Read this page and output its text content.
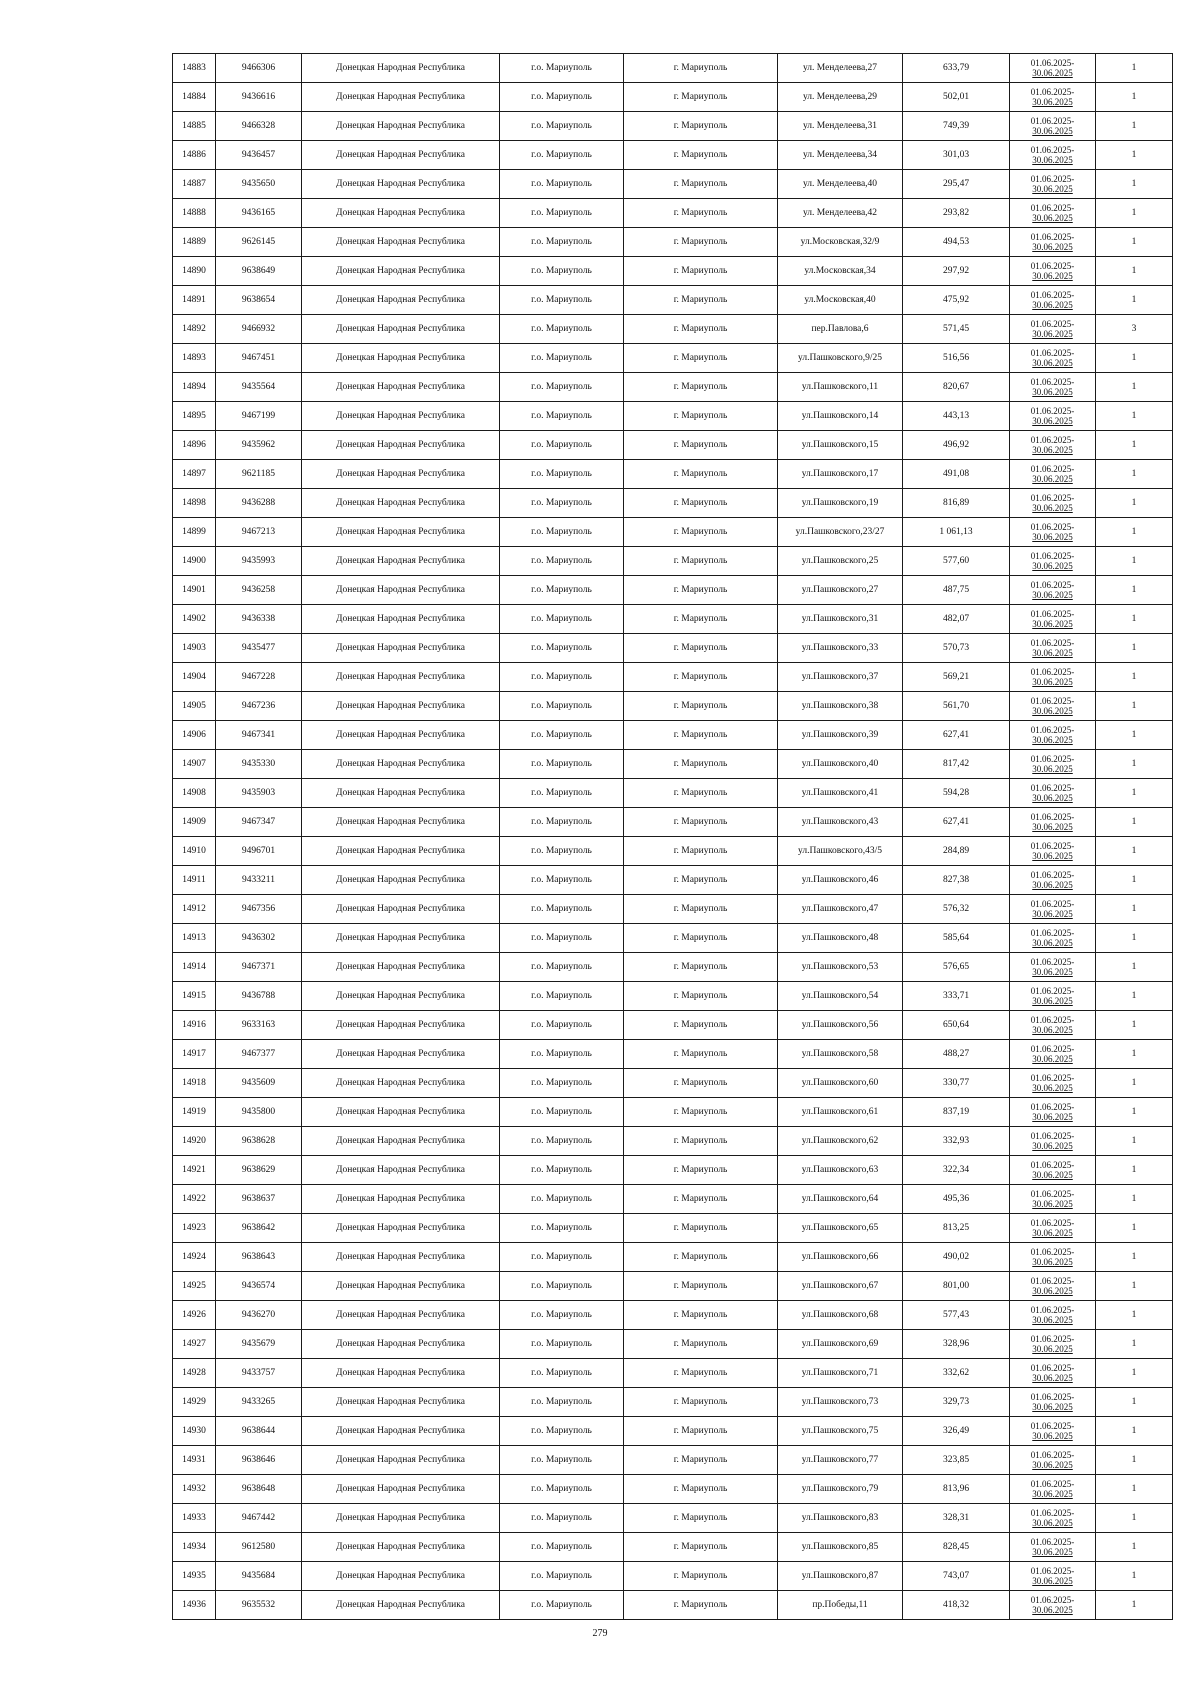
14883	9466306	Донецкая Народная Республика	г.о. Мариуполь	г. Мариуполь	ул. Менделеева,27	633,79	01.06.2025-
30.06.2025	1
14884	9436616	Донецкая Народная Республика	г.о. Мариуполь	г. Мариуполь	ул. Менделеева,29	502,01	01.06.2025-
30.06.2025	1
14885	9466328	Донецкая Народная Республика	г.о. Мариуполь	г. Мариуполь	ул. Менделеева,31	749,39	01.06.2025-
30.06.2025	1
14886	9436457	Донецкая Народная Республика	г.о. Мариуполь	г. Мариуполь	ул. Менделеева,34	301,03	01.06.2025-
30.06.2025	1
14887	9435650	Донецкая Народная Республика	г.о. Мариуполь	г. Мариуполь	ул. Менделеева,40	295,47	01.06.2025-
30.06.2025	1
14888	9436165	Донецкая Народная Республика	г.о. Мариуполь	г. Мариуполь	ул. Менделеева,42	293,82	01.06.2025-
30.06.2025	1
14889	9626145	Донецкая Народная Республика	г.о. Мариуполь	г. Мариуполь	ул.Московская,32/9	494,53	01.06.2025-
30.06.2025	1
14890	9638649	Донецкая Народная Республика	г.о. Мариуполь	г. Мариуполь	ул.Московская,34	297,92	01.06.2025-
30.06.2025	1
14891	9638654	Донецкая Народная Республика	г.о. Мариуполь	г. Мариуполь	ул.Московская,40	475,92	01.06.2025-
30.06.2025	1
14892	9466932	Донецкая Народная Республика	г.о. Мариуполь	г. Мариуполь	пер.Павлова,6	571,45	01.06.2025-
30.06.2025	3
14893	9467451	Донецкая Народная Республика	г.о. Мариуполь	г. Мариуполь	ул.Пашковского,9/25	516,56	01.06.2025-
30.06.2025	1
14894	9435564	Донецкая Народная Республика	г.о. Мариуполь	г. Мариуполь	ул.Пашковского,11	820,67	01.06.2025-
30.06.2025	1
14895	9467199	Донецкая Народная Республика	г.о. Мариуполь	г. Мариуполь	ул.Пашковского,14	443,13	01.06.2025-
30.06.2025	1
14896	9435962	Донецкая Народная Республика	г.о. Мариуполь	г. Мариуполь	ул.Пашковского,15	496,92	01.06.2025-
30.06.2025	1
14897	9621185	Донецкая Народная Республика	г.о. Мариуполь	г. Мариуполь	ул.Пашковского,17	491,08	01.06.2025-
30.06.2025	1
14898	9436288	Донецкая Народная Республика	г.о. Мариуполь	г. Мариуполь	ул.Пашковского,19	816,89	01.06.2025-
30.06.2025	1
14899	9467213	Донецкая Народная Республика	г.о. Мариуполь	г. Мариуполь	ул.Пашковского,23/27	1 061,13	01.06.2025-
30.06.2025	1
14900	9435993	Донецкая Народная Республика	г.о. Мариуполь	г. Мариуполь	ул.Пашковского,25	577,60	01.06.2025-
30.06.2025	1
14901	9436258	Донецкая Народная Республика	г.о. Мариуполь	г. Мариуполь	ул.Пашковского,27	487,75	01.06.2025-
30.06.2025	1
14902	9436338	Донецкая Народная Республика	г.о. Мариуполь	г. Мариуполь	ул.Пашковского,31	482,07	01.06.2025-
30.06.2025	1
14903	9435477	Донецкая Народная Республика	г.о. Мариуполь	г. Мариуполь	ул.Пашковского,33	570,73	01.06.2025-
30.06.2025	1
14904	9467228	Донецкая Народная Республика	г.о. Мариуполь	г. Мариуполь	ул.Пашковского,37	569,21	01.06.2025-
30.06.2025	1
14905	9467236	Донецкая Народная Республика	г.о. Мариуполь	г. Мариуполь	ул.Пашковского,38	561,70	01.06.2025-
30.06.2025	1
14906	9467341	Донецкая Народная Республика	г.о. Мариуполь	г. Мариуполь	ул.Пашковского,39	627,41	01.06.2025-
30.06.2025	1
14907	9435330	Донецкая Народная Республика	г.о. Мариуполь	г. Мариуполь	ул.Пашковского,40	817,42	01.06.2025-
30.06.2025	1
14908	9435903	Донецкая Народная Республика	г.о. Мариуполь	г. Мариуполь	ул.Пашковского,41	594,28	01.06.2025-
30.06.2025	1
14909	9467347	Донецкая Народная Республика	г.о. Мариуполь	г. Мариуполь	ул.Пашковского,43	627,41	01.06.2025-
30.06.2025	1
14910	9496701	Донецкая Народная Республика	г.о. Мариуполь	г. Мариуполь	ул.Пашковского,43/5	284,89	01.06.2025-
30.06.2025	1
14911	9433211	Донецкая Народная Республика	г.о. Мариуполь	г. Мариуполь	ул.Пашковского,46	827,38	01.06.2025-
30.06.2025	1
14912	9467356	Донецкая Народная Республика	г.о. Мариуполь	г. Мариуполь	ул.Пашковского,47	576,32	01.06.2025-
30.06.2025	1
14913	9436302	Донецкая Народная Республика	г.о. Мариуполь	г. Мариуполь	ул.Пашковского,48	585,64	01.06.2025-
30.06.2025	1
14914	9467371	Донецкая Народная Республика	г.о. Мариуполь	г. Мариуполь	ул.Пашковского,53	576,65	01.06.2025-
30.06.2025	1
14915	9436788	Донецкая Народная Республика	г.о. Мариуполь	г. Мариуполь	ул.Пашковского,54	333,71	01.06.2025-
30.06.2025	1
14916	9633163	Донецкая Народная Республика	г.о. Мариуполь	г. Мариуполь	ул.Пашковского,56	650,64	01.06.2025-
30.06.2025	1
14917	9467377	Донецкая Народная Республика	г.о. Мариуполь	г. Мариуполь	ул.Пашковского,58	488,27	01.06.2025-
30.06.2025	1
14918	9435609	Донецкая Народная Республика	г.о. Мариуполь	г. Мариуполь	ул.Пашковского,60	330,77	01.06.2025-
30.06.2025	1
14919	9435800	Донецкая Народная Республика	г.о. Мариуполь	г. Мариуполь	ул.Пашковского,61	837,19	01.06.2025-
30.06.2025	1
14920	9638628	Донецкая Народная Республика	г.о. Мариуполь	г. Мариуполь	ул.Пашковского,62	332,93	01.06.2025-
30.06.2025	1
14921	9638629	Донецкая Народная Республика	г.о. Мариуполь	г. Мариуполь	ул.Пашковского,63	322,34	01.06.2025-
30.06.2025	1
14922	9638637	Донецкая Народная Республика	г.о. Мариуполь	г. Мариуполь	ул.Пашковского,64	495,36	01.06.2025-
30.06.2025	1
14923	9638642	Донецкая Народная Республика	г.о. Мариуполь	г. Мариуполь	ул.Пашковского,65	813,25	01.06.2025-
30.06.2025	1
14924	9638643	Донецкая Народная Республика	г.о. Мариуполь	г. Мариуполь	ул.Пашковского,66	490,02	01.06.2025-
30.06.2025	1
14925	9436574	Донецкая Народная Республика	г.о. Мариуполь	г. Мариуполь	ул.Пашковского,67	801,00	01.06.2025-
30.06.2025	1
14926	9436270	Донецкая Народная Республика	г.о. Мариуполь	г. Мариуполь	ул.Пашковского,68	577,43	01.06.2025-
30.06.2025	1
14927	9435679	Донецкая Народная Республика	г.о. Мариуполь	г. Мариуполь	ул.Пашковского,69	328,96	01.06.2025-
30.06.2025	1
14928	9433757	Донецкая Народная Республика	г.о. Мариуполь	г. Мариуполь	ул.Пашковского,71	332,62	01.06.2025-
30.06.2025	1
14929	9433265	Донецкая Народная Республика	г.о. Мариуполь	г. Мариуполь	ул.Пашковского,73	329,73	01.06.2025-
30.06.2025	1
14930	9638644	Донецкая Народная Республика	г.о. Мариуполь	г. Мариуполь	ул.Пашковского,75	326,49	01.06.2025-
30.06.2025	1
14931	9638646	Донецкая Народная Республика	г.о. Мариуполь	г. Мариуполь	ул.Пашковского,77	323,85	01.06.2025-
30.06.2025	1
14932	9638648	Донецкая Народная Республика	г.о. Мариуполь	г. Мариуполь	ул.Пашковского,79	813,96	01.06.2025-
30.06.2025	1
14933	9467442	Донецкая Народная Республика	г.о. Мариуполь	г. Мариуполь	ул.Пашковского,83	328,31	01.06.2025-
30.06.2025	1
14934	9612580	Донецкая Народная Республика	г.о. Мариуполь	г. Мариуполь	ул.Пашковского,85	828,45	01.06.2025-
30.06.2025	1
14935	9435684	Донецкая Народная Республика	г.о. Мариуполь	г. Мариуполь	ул.Пашковского,87	743,07	01.06.2025-
30.06.2025	1
14936	9635532	Донецкая Народная Республика	г.о. Мариуполь	г. Мариуполь	пр.Победы,11	418,32	01.06.2025-
30.06.2025	1
279
